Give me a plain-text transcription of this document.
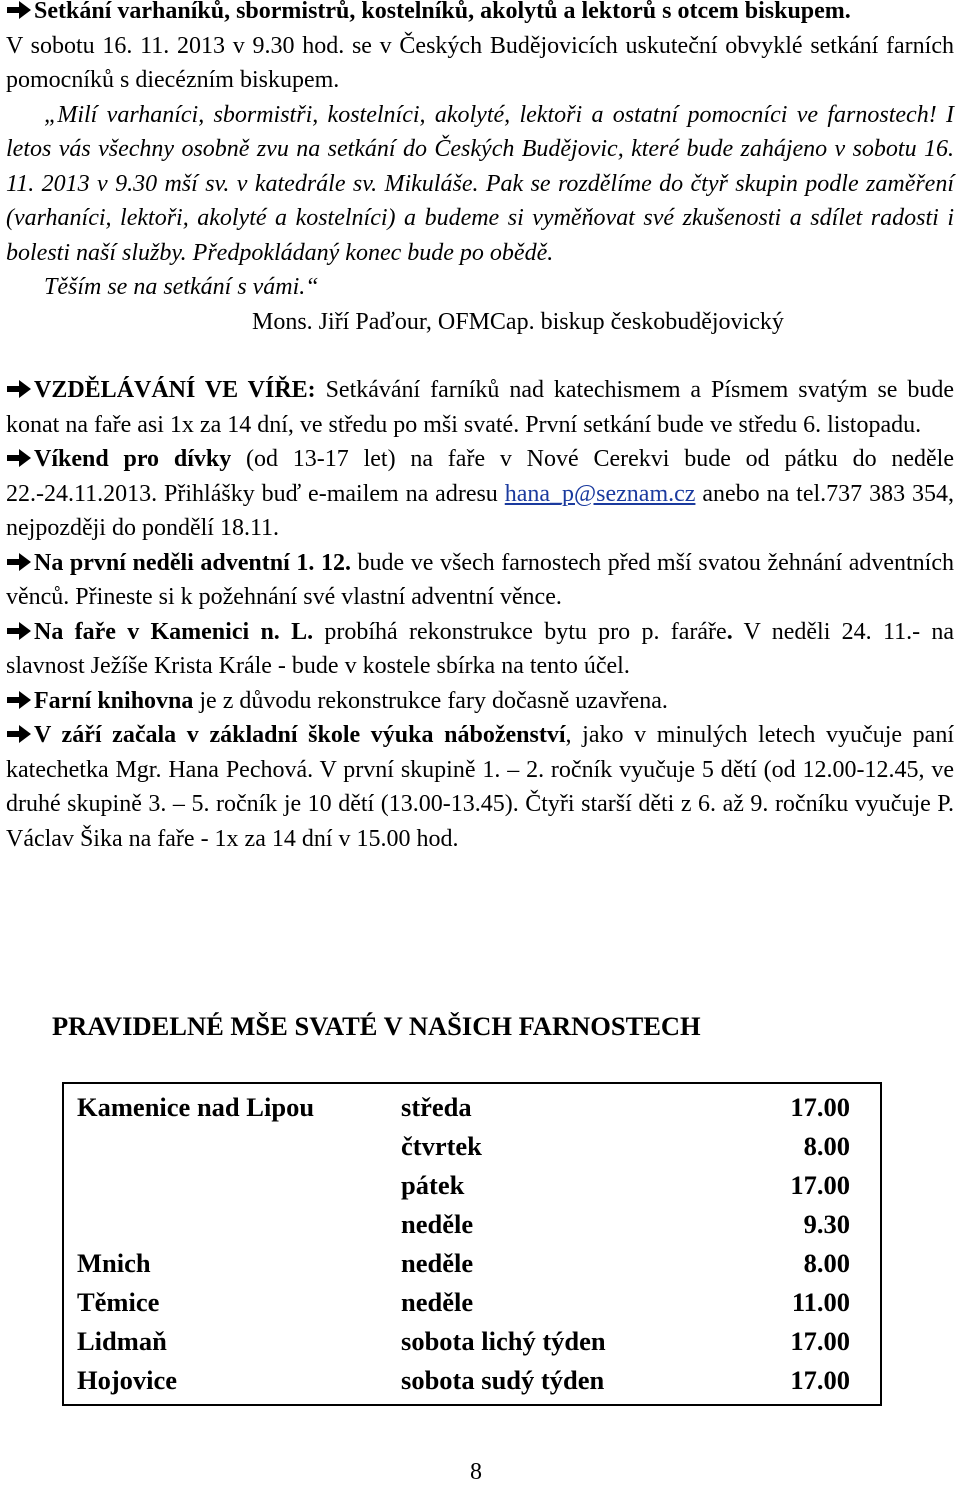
Setkání varhaníků, sbormistrů, kostelníků, akolytů a lektorů s otcem biskupem.

V sobotu 16. 11. 2013 v 9.30 hod. se v Českých Budějovicích uskuteční obvyklé setkání farních pomocníků s diecézním biskupem.

„Milí varhaníci, sbormistři, kostelníci, akolyté, lektoři a ostatní pomocníci ve farnostech! I letos vás všechny osobně zvu na setkání do Českých Budějovic, které bude zahájeno v sobotu 16. 11. 2013 v 9.30 mší sv. v katedrále sv. Mikuláše. Pak se rozdělíme do čtyř skupin podle zaměření (varhaníci, lektoři, akolyté a kostelníci) a budeme si vyměňovat své zkušenosti a sdílet radosti i bolesti naší služby. Předpokládaný konec bude po obědě.

Těším se na setkání s vámi.“

Mons. Jiří Paďour, OFMCap. biskup českobudějovický

VZDĚLÁVÁNÍ VE VÍŘE: Setkávání farníků nad katechismem a Písmem svatým se bude konat na faře asi 1x za 14 dní, ve středu po mši svaté. První setkání bude ve středu 6. listopadu.

Víkend pro dívky (od 13-17 let) na faře v Nové Cerekvi bude od pátku do neděle 22.-24.11.2013. Přihlášky buď e-mailem na adresu hana_p@seznam.cz anebo na tel.737 383 354, nejpozději do pondělí 18.11.

Na první neděli adventní 1. 12. bude ve všech farnostech před mší svatou žehnání adventních věnců. Přineste si k požehnání své vlastní adventní věnce.

Na faře v Kamenici n. L. probíhá rekonstrukce bytu pro p. faráře. V neděli 24. 11.- na slavnost Ježíše Krista Krále - bude v kostele sbírka na tento účel.

Farní knihovna je z důvodu rekonstrukce fary dočasně uzavřena.

V září začala v základní škole výuka náboženství, jako v minulých letech vyučuje paní katechetka Mgr. Hana Pechová. V první skupině 1. – 2. ročník vyučuje 5 dětí (od 12.00-12.45, ve druhé skupině 3. – 5. ročník je 10 dětí (13.00-13.45). Čtyři starší děti z 6. až 9. ročníku vyučuje P. Václav Šika na faře - 1x za 14 dní v 15.00 hod.

PRAVIDELNÉ MŠE SVATÉ V NAŠICH FARNOSTECH
Kamenice nad Lipou	středa	17.00
	čtvrtek	8.00
	pátek	17.00
	neděle	9.30
Mnich	neděle	8.00
Těmice	neděle	11.00
Lidmaň	sobota lichý týden	17.00
Hojovice	sobota sudý týden	17.00
8
